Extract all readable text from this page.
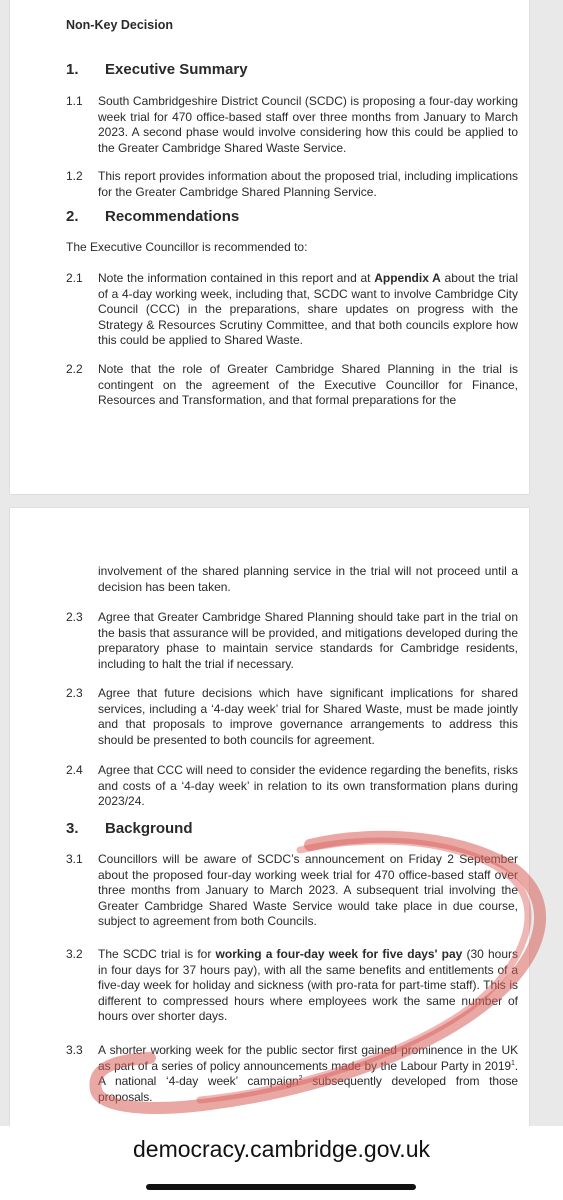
Non-Key Decision
1. Executive Summary
1.1 South Cambridgeshire District Council (SCDC) is proposing a four-day working week trial for 470 office-based staff over three months from January to March 2023. A second phase would involve considering how this could be applied to the Greater Cambridge Shared Waste Service.
1.2 This report provides information about the proposed trial, including implications for the Greater Cambridge Shared Planning Service.
2. Recommendations
The Executive Councillor is recommended to:
2.1 Note the information contained in this report and at Appendix A about the trial of a 4-day working week, including that, SCDC want to involve Cambridge City Council (CCC) in the preparations, share updates on progress with the Strategy & Resources Scrutiny Committee, and that both councils explore how this could be applied to Shared Waste.
2.2 Note that the role of Greater Cambridge Shared Planning in the trial is contingent on the agreement of the Executive Councillor for Finance, Resources and Transformation, and that formal preparations for the
involvement of the shared planning service in the trial will not proceed until a decision has been taken.
2.3 Agree that Greater Cambridge Shared Planning should take part in the trial on the basis that assurance will be provided, and mitigations developed during the preparatory phase to maintain service standards for Cambridge residents, including to halt the trial if necessary.
2.3 Agree that future decisions which have significant implications for shared services, including a ‘4-day week’ trial for Shared Waste, must be made jointly and that proposals to improve governance arrangements to address this should be presented to both councils for agreement.
2.4 Agree that CCC will need to consider the evidence regarding the benefits, risks and costs of a ‘4-day week’ in relation to its own transformation plans during 2023/24.
3. Background
3.1 Councillors will be aware of SCDC’s announcement on Friday 2 September about the proposed four-day working week trial for 470 office-based staff over three months from January to March 2023. A subsequent trial involving the Greater Cambridge Shared Waste Service would take place in due course, subject to agreement from both Councils.
3.2 The SCDC trial is for working a four-day week for five days' pay (30 hours in four days for 37 hours pay), with all the same benefits and entitlements of a five-day week for holiday and sickness (with pro-rata for part-time staff). This is different to compressed hours where employees work the same number of hours over shorter days.
3.3 A shorter working week for the public sector first gained prominence in the UK as part of a series of policy announcements made by the Labour Party in 2019$^1$. A national ‘4-day week’ campaign$^2$ subsequently developed from those proposals.
democracy.cambridge.gov.uk
